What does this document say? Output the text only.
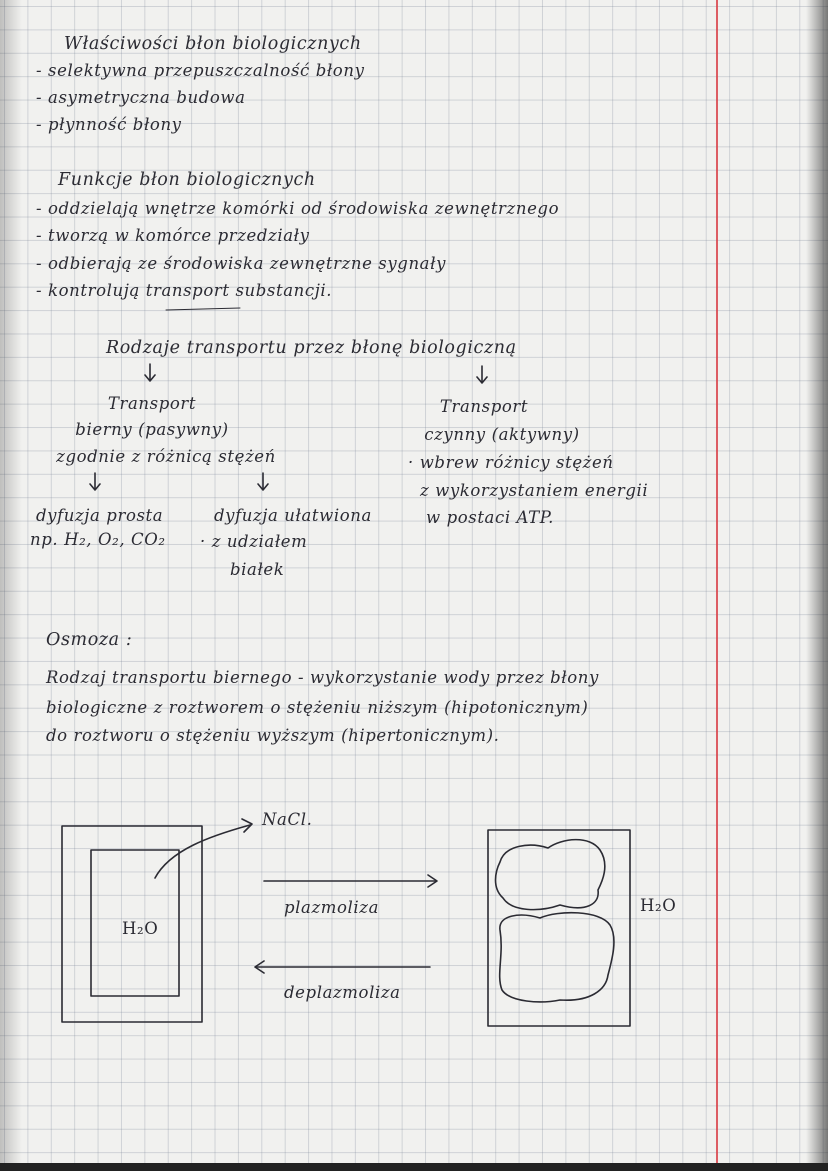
Właściwości błon biologicznych
- selektywna przepuszczalność błony
- asymetryczna budowa
- płynność błony
Funkcje błon biologicznych
- oddzielają wnętrze komórki od środowiska zewnętrznego
- tworzą w komórce przedziały
- odbierają ze środowiska zewnętrzne sygnały
- kontrolują transport substancji.
Rodzaje transportu przez błonę biologiczną
Transport
bierny (pasywny)
zgodnie z różnicą stężeń
dyfuzja prosta
np. H₂, O₂, CO₂
dyfuzja ułatwiona
· z udziałem
białek
Transport
czynny (aktywny)
· wbrew różnicy stężeń
z wykorzystaniem energii
w postaci ATP.
Osmoza :
Rodzaj transportu biernego - wykorzystanie wody przez błony
biologiczne z roztworem o stężeniu niższym (hipotonicznym)
do roztworu o stężeniu wyższym (hipertonicznym).
NaCl.
H₂O
H₂O
plazmoliza
deplazmoliza
